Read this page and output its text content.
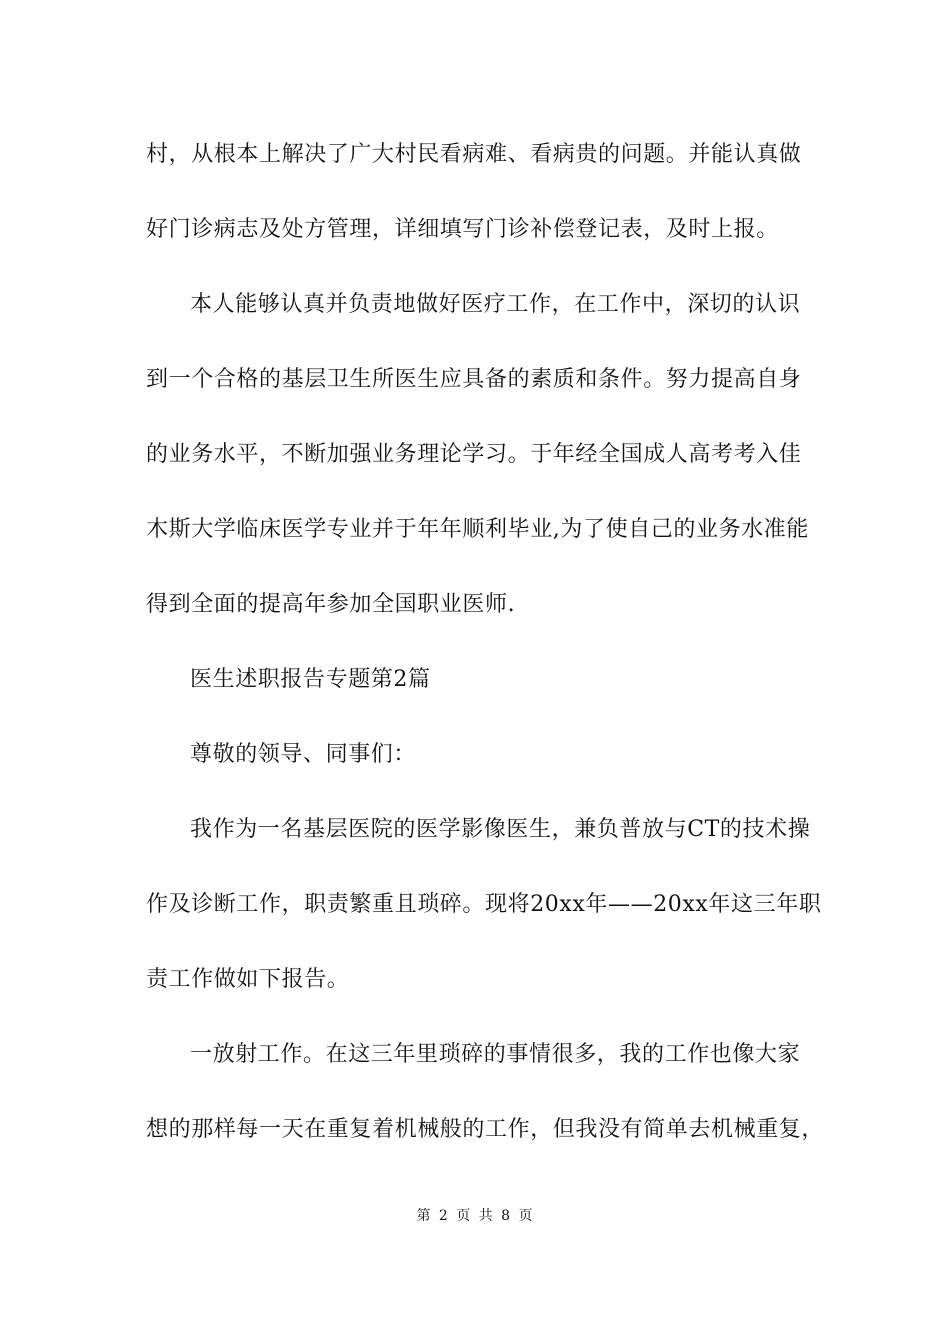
村，从根本上解决了广大村民看病难、看病贵的问题。并能认真做
好门诊病志及处方管理，详细填写门诊补偿登记表，及时上报。
本人能够认真并负责地做好医疗工作，在工作中，深切的认识
到一个合格的基层卫生所医生应具备的素质和条件。努力提高自身
的业务水平，不断加强业务理论学习。于年经全国成人高考考入佳
木斯大学临床医学专业并于年年顺利毕业,为了使自己的业务水准能
得到全面的提高年参加全国职业医师.
医生述职报告专题第2篇
尊敬的领导、同事们：
我作为一名基层医院的医学影像医生，兼负普放与CT的技术操
作及诊断工作，职责繁重且琐碎。现将20xx年——20xx年这三年职
责工作做如下报告。
一放射工作。在这三年里琐碎的事情很多，我的工作也像大家
想的那样每一天在重复着机械般的工作，但我没有简单去机械重复，
第 2 页 共 8 页
